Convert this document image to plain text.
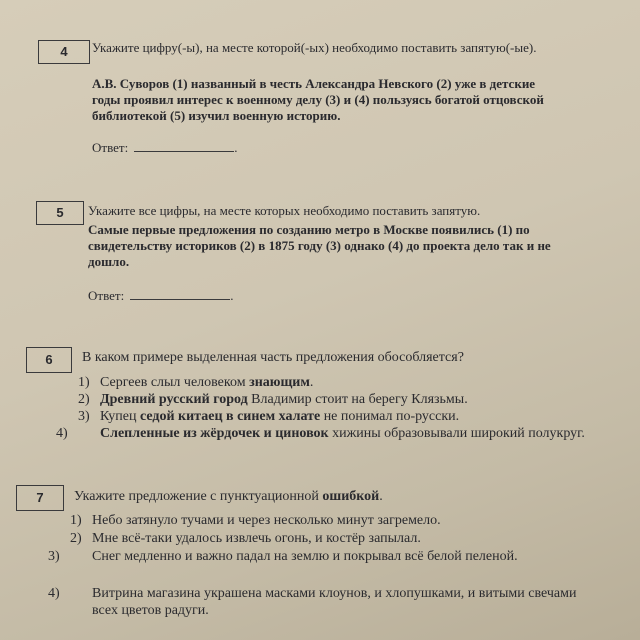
4	Укажите цифру(-ы), на месте которой(-ых) необходимо поставить запятую(-ые).
А.В. Суворов (1) названный в честь Александра Невского (2) уже в детские годы проявил интерес к военному делу (3) и (4) пользуясь богатой отцовской библиотекой (5) изучил военную историю.
Ответ:	.
5	Укажите все цифры, на месте которых необходимо поставить запятую.
Самые первые предложения по созданию метро в Москве появились (1) по свидетельству историков (2) в 1875 году (3) однако (4) до проекта дело так и не дошло.
Ответ:	.
6	В каком примере выделенная часть предложения обособляется?
1) Сергеев слыл человеком знающим.
2) Древний русский город Владимир стоит на берегу Клязьмы.
3) Купец седой китаец в синем халате не понимал по-русски.
4) Слепленные из жёрдочек и циновок хижины образовывали широкий полукруг.
7	Укажите предложение с пунктуационной ошибкой.
1) Небо затянуло тучами и через несколько минут загремело.
2) Мне всё-таки удалось извлечь огонь, и костёр запылал.
3) Снег медленно и важно падал на землю и покрывал всё белой пеленой.
4) Витрина магазина украшена масками клоунов, и хлопушками, и витыми свечами всех цветов радуги.
